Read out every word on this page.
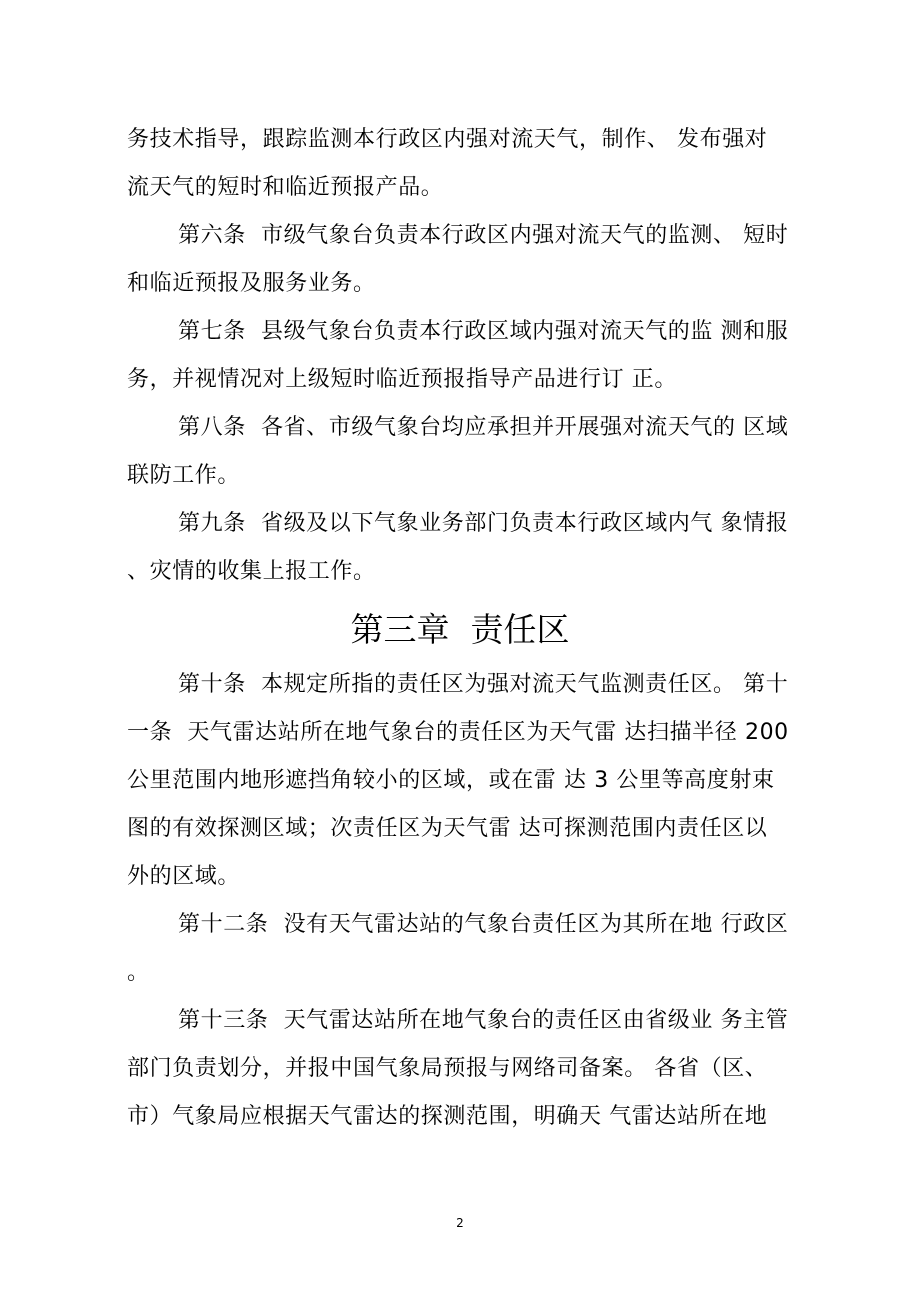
务技术指导，跟踪监测本行政区内强对流天气，制作、 发布强对
流天气的短时和临近预报产品。
第六条  市级气象台负责本行政区内强对流天气的监测、 短时
和临近预报及服务业务。
第七条  县级气象台负责本行政区域内强对流天气的监 测和服
务，并视情况对上级短时临近预报指导产品进行订 正。
第八条  各省、市级气象台均应承担并开展强对流天气的 区域
联防工作。
第九条  省级及以下气象业务部门负责本行政区域内气 象情报
、灾情的收集上报工作。
第三章  责任区
第十条  本规定所指的责任区为强对流天气监测责任区。 第十
一条  天气雷达站所在地气象台的责任区为天气雷 达扫描半径 200
公里范围内地形遮挡角较小的区域，或在雷 达 3 公里等高度射束
图的有效探测区域；次责任区为天气雷 达可探测范围内责任区以
外的区域。
第十二条  没有天气雷达站的气象台责任区为其所在地 行政区
。
第十三条  天气雷达站所在地气象台的责任区由省级业 务主管
部门负责划分，并报中国气象局预报与网络司备案。 各省（区、
市）气象局应根据天气雷达的探测范围，明确天 气雷达站所在地
2
